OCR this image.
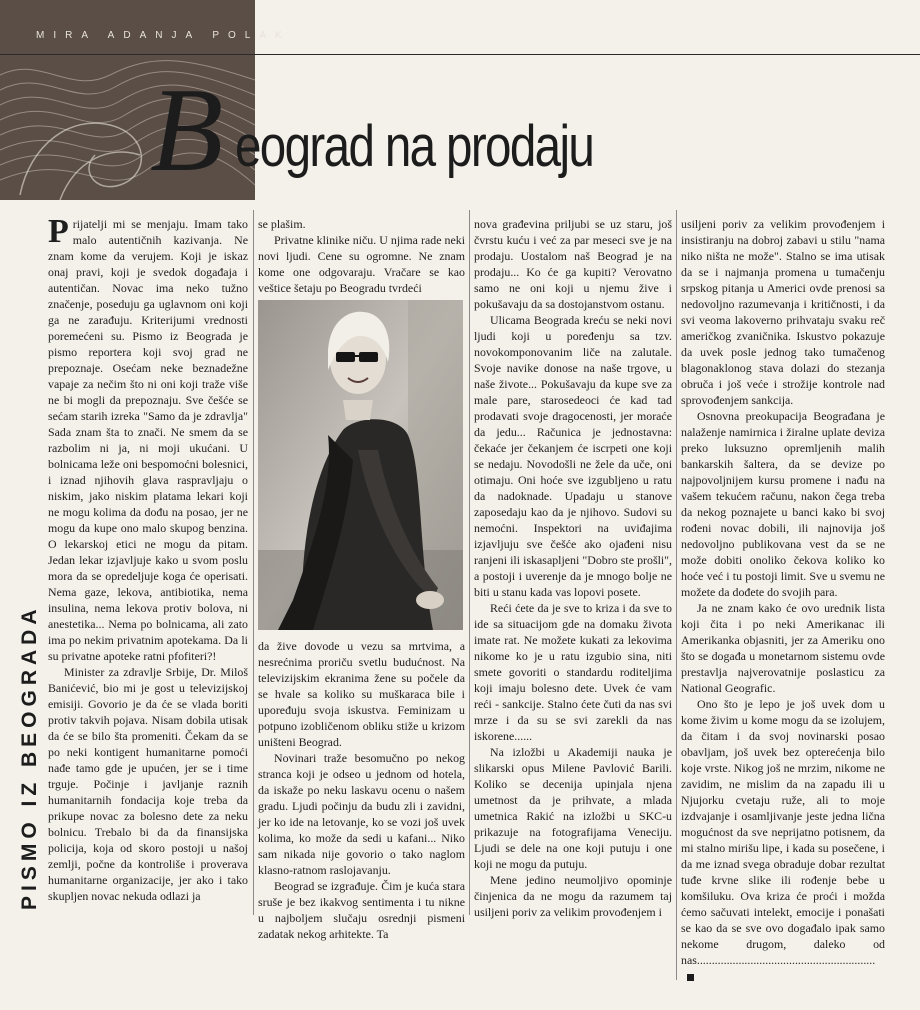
MIRA ADANJA POLAK
B eograd na prodaju
PISMO IZ BEOGRADA

Prijatelji mi se menjaju. Imam tako malo autentičnih kazivanja. Ne znam kome da verujem. Koji je iskaz onaj pravi, koji je svedok događaja i autentičan. Novac ima neko tužno značenje, poseduju ga uglavnom oni koji ga ne zarađuju. Kriterijumi vrednosti poremećeni su. Pismo iz Beograda je pismo reportera koji svoj grad ne prepoznaje. Osećam neke beznadežne vapaje za nečim što ni oni koji traže više ne bi mogli da prepoznaju. Sve češće se sećam starih izreka "Samo da je zdravlja" Sada znam šta to znači. Ne smem da se razbolim ni ja, ni moji ukućani. U bolnicama leže oni bespomoćni bolesnici, i iznad njihovih glava raspravljaju o niskim, jako niskim platama lekari koji ne mogu kolima da dođu na posao, jer ne mogu da kupe ono malo skupog benzina. O lekarskoj etici ne mogu da pitam. Jedan lekar izjavljuje kako u svom poslu mora da se opredeljuje koga će operisati. Nema gaze, lekova, antibiotika, nema insulina, nema lekova protiv bolova, ni anestetika... Nema po bolnicama, ali zato ima po nekim privatnim apotekama. Da li su privatne apoteke ratni pfofiteri?!

Minister za zdravlje Srbije, Dr. Miloš Banićević, bio mi je gost u televizijskoj emisiji. Govorio je da će se vlada boriti protiv takvih pojava. Nisam dobila utisak da će se bilo šta promeniti. Čekam da se po neki kontigent humanitarne pomoći nađe tamo gde je upućen, jer se i time trguje. Počinje i javljanje raznih humanitarnih fondacija koje treba da prikupe novac za bolesno dete za neku bolnicu. Trebalo bi da da finansijska policija, koja od skoro postoji u našoj zemlji, počne da kontroliše i proverava humanitarne organizacije, jer ako i tako skupljen novac nekuda odlazi ja

se plašim.

Privatne klinike niču. U njima rade neki novi ljudi. Cene su ogromne. Ne znam kome one odgovaraju. Vračare se kao veštice šetaju po Beogradu tvrdeći

da žive dovode u vezu sa mrtvima, a nesrećnima proriču svetlu budućnost. Na televizijskim ekranima žene su počele da se hvale sa koliko su muškaraca bile i upoređuju svoja iskustva. Feminizam u potpuno izobličenom obliku stiže u krizom uništeni Beograd.

Novinari traže besomučno po nekog stranca koji je odseo u jednom od hotela, da iskaže po neku laskavu ocenu o našem gradu. Ljudi počinju da budu zli i zavidni, jer ko ide na letovanje, ko se vozi još uvek kolima, ko može da sedi u kafani... Niko sam nikada nije govorio o tako naglom klasno-ratnom raslojavanju.

Beograd se izgrađuje. Čim je kuća stara sruše je bez ikakvog sentimenta i tu nikne u najboljem slučaju osrednji pismeni zadatak nekog arhitekte. Ta

nova građevina priljubi se uz staru, još čvrstu kuću i već za par meseci sve je na prodaju. Uostalom naš Beograd je na prodaju... Ko će ga kupiti? Verovatno samo ne oni koji u njemu žive i pokušavaju da sa dostojanstvom ostanu.

Ulicama Beograda kreću se neki novi ljudi koji u poređenju sa tzv. novokomponovanim liče na zalutale. Svoje navike donose na naše trgove, u naše živote... Pokušavaju da kupe sve za male pare, starosedeoci će kad tad prodavati svoje dragocenosti, jer moraće da jedu... Računica je jednostavna: čekaće jer čekanjem će iscrpeti one koji se nedaju. Novodošli ne žele da uče, oni otimaju. Oni hoće sve izgubljeno u ratu da nadoknade. Upadaju u stanove zaposedaju kao da je njihovo. Sudovi su nemoćni. Inspektori na uviđajima izjavljuju sve češće ako ojađeni nisu ranjeni ili iskasapljeni "Dobro ste prošli", a postoji i uverenje da je mnogo bolje ne biti u stanu kada vas lopovi posete.

Reći ćete da je sve to kriza i da sve to ide sa situacijom gde na domaku života imate rat. Ne možete kukati za lekovima nikome ko je u ratu izgubio sina, niti smete govoriti o standardu roditeljima koji imaju bolesno dete. Uvek će vam reći - sankcije. Stalno ćete čuti da nas svi mrze i da su se svi zarekli da nas iskorene......

Na izložbi u Akademiji nauka je slikarski opus Milene Pavlović Barili. Koliko se decenija upinjala njena umetnost da je prihvate, a mlada umetnica Rakić na izložbi u SKC-u prikazuje na fotografijama Veneciju. Ljudi se dele na one koji putuju i one koji ne mogu da putuju.

Mene jedino neumoljivo opominje činjenica da ne mogu da razumem taj usiljeni poriv za velikim provođenjem i

usiljeni poriv za velikim provođenjem i insistiranju na dobroj zabavi u stilu "nama niko ništa ne može". Stalno se ima utisak da se i najmanja promena u tumačenju srpskog pitanja u Americi ovde prenosi sa nedovoljno razumevanja i kritičnosti, i da svi veoma lakoverno prihvataju svaku reč američkog zvaničnika. Iskustvo pokazuje da uvek posle jednog tako tumačenog blagonaklonog stava dolazi do stezanja obruča i još veće i strožije kontrole nad sprovođenjem sankcija.

Osnovna preokupacija Beograđana je nalaženje namirnica i žiralne uplate deviza preko luksuzno opremljenih malih bankarskih šaltera, da se devize po najpovoljnijem kursu promene i nađu na vašem tekućem računu, nakon čega treba da nekog poznajete u banci kako bi svoj rođeni novac dobili, ili najnovija još nedovoljno publikovana vest da se ne može dobiti onoliko čekova koliko ko hoće već i tu postoji limit. Sve u svemu ne možete da dođete do svojih para.

Ja ne znam kako će ovo urednik lista koji čita i po neki Amerikanac ili Amerikanka objasniti, jer za Ameriku ono što se događa u monetarnom sistemu ovde prestavlja najverovatnije poslasticu za National Geografic.

Ono što je lepo je još uvek dom u kome živim u kome mogu da se izolujem, da čitam i da svoj novinarski posao obavljam, još uvek bez opterećenja bilo koje vrste. Nikog još ne mrzim, nikome ne zavidim, ne mislim da na zapadu ili u Njujorku cvetaju ruže, ali to moje izdvajanje i osamljivanje jeste jedna lična mogućnost da sve neprijatno potisnem, da mi stalno mirišu lipe, i kada su posečene, i da me iznad svega obraduje dobar rezultat tuđe krvne slike ili rođenje bebe u komšiluku. Ova kriza će proći i možda ćemo sačuvati intelekt, emocije i ponašati se kao da se sve ovo događalo ipak samo nekome drugom, daleko od nas............................................................
